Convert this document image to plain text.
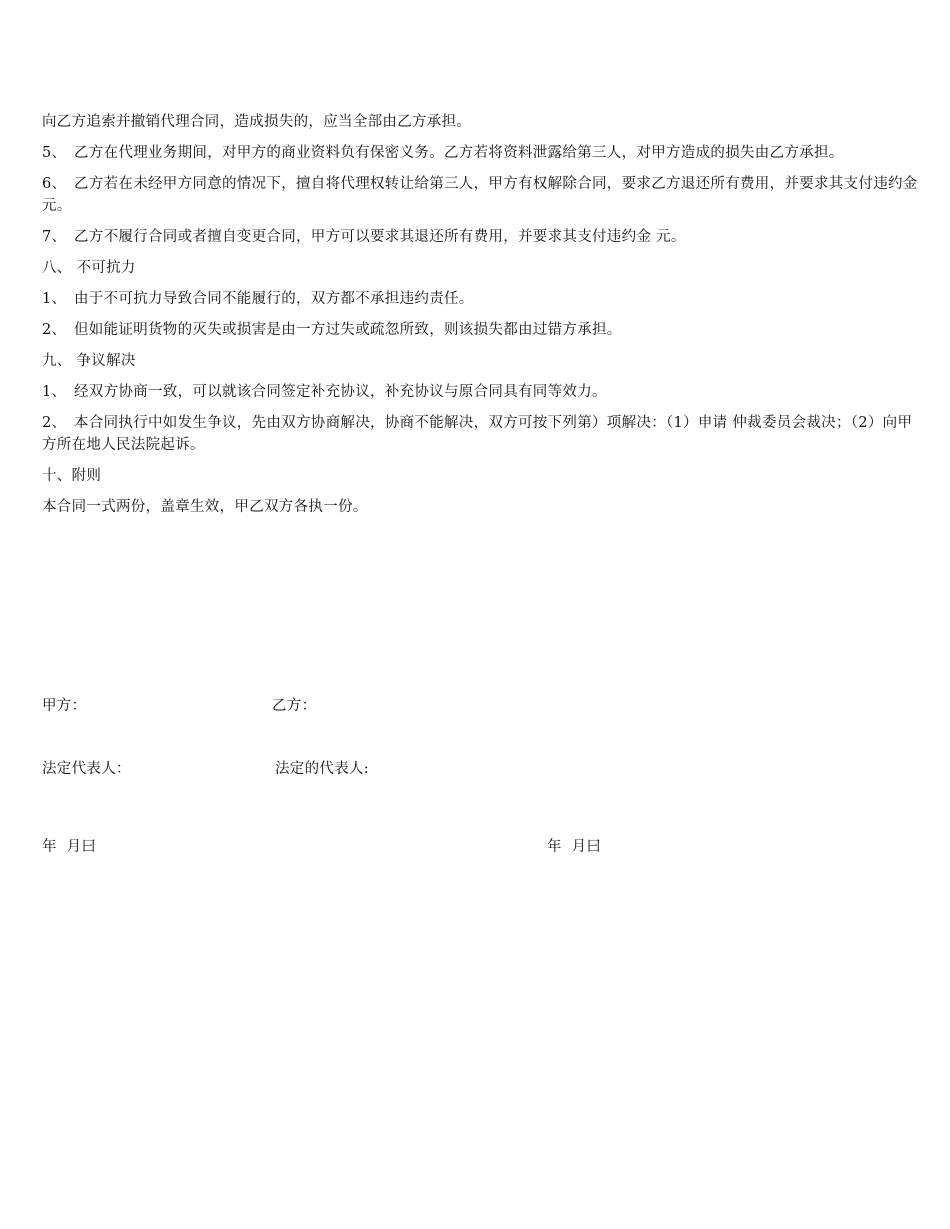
向乙方追索并撤销代理合同，造成损失的，应当全部由乙方承担。

5、 乙方在代理业务期间，对甲方的商业资料负有保密义务。乙方若将资料泄露给第三人，对甲方造成的损失由乙方承担。

6、 乙方若在未经甲方同意的情况下，擅自将代理权转让给第三人，甲方有权解除合同，要求乙方退还所有费用，并要求其支付违约金 元。

7、 乙方不履行合同或者擅自变更合同，甲方可以要求其退还所有费用，并要求其支付违约金 元。

八、 不可抗力

1、 由于不可抗力导致合同不能履行的，双方都不承担违约责任。

2、 但如能证明货物的灭失或损害是由一方过失或疏忽所致，则该损失都由过错方承担。

九、 争议解决

1、 经双方协商一致，可以就该合同签定补充协议，补充协议与原合同具有同等效力。

2、 本合同执行中如发生争议，先由双方协商解决，协商不能解决，双方可按下列第）项解决：（1）申请 仲裁委员会裁决；（2）向甲方所在地人民法院起诉。

十、附则

本合同一式两份，盖章生效，甲乙双方各执一份。

甲方：	乙方：
法定代表人：	法定的代表人:
年  月曰	年  月曰
